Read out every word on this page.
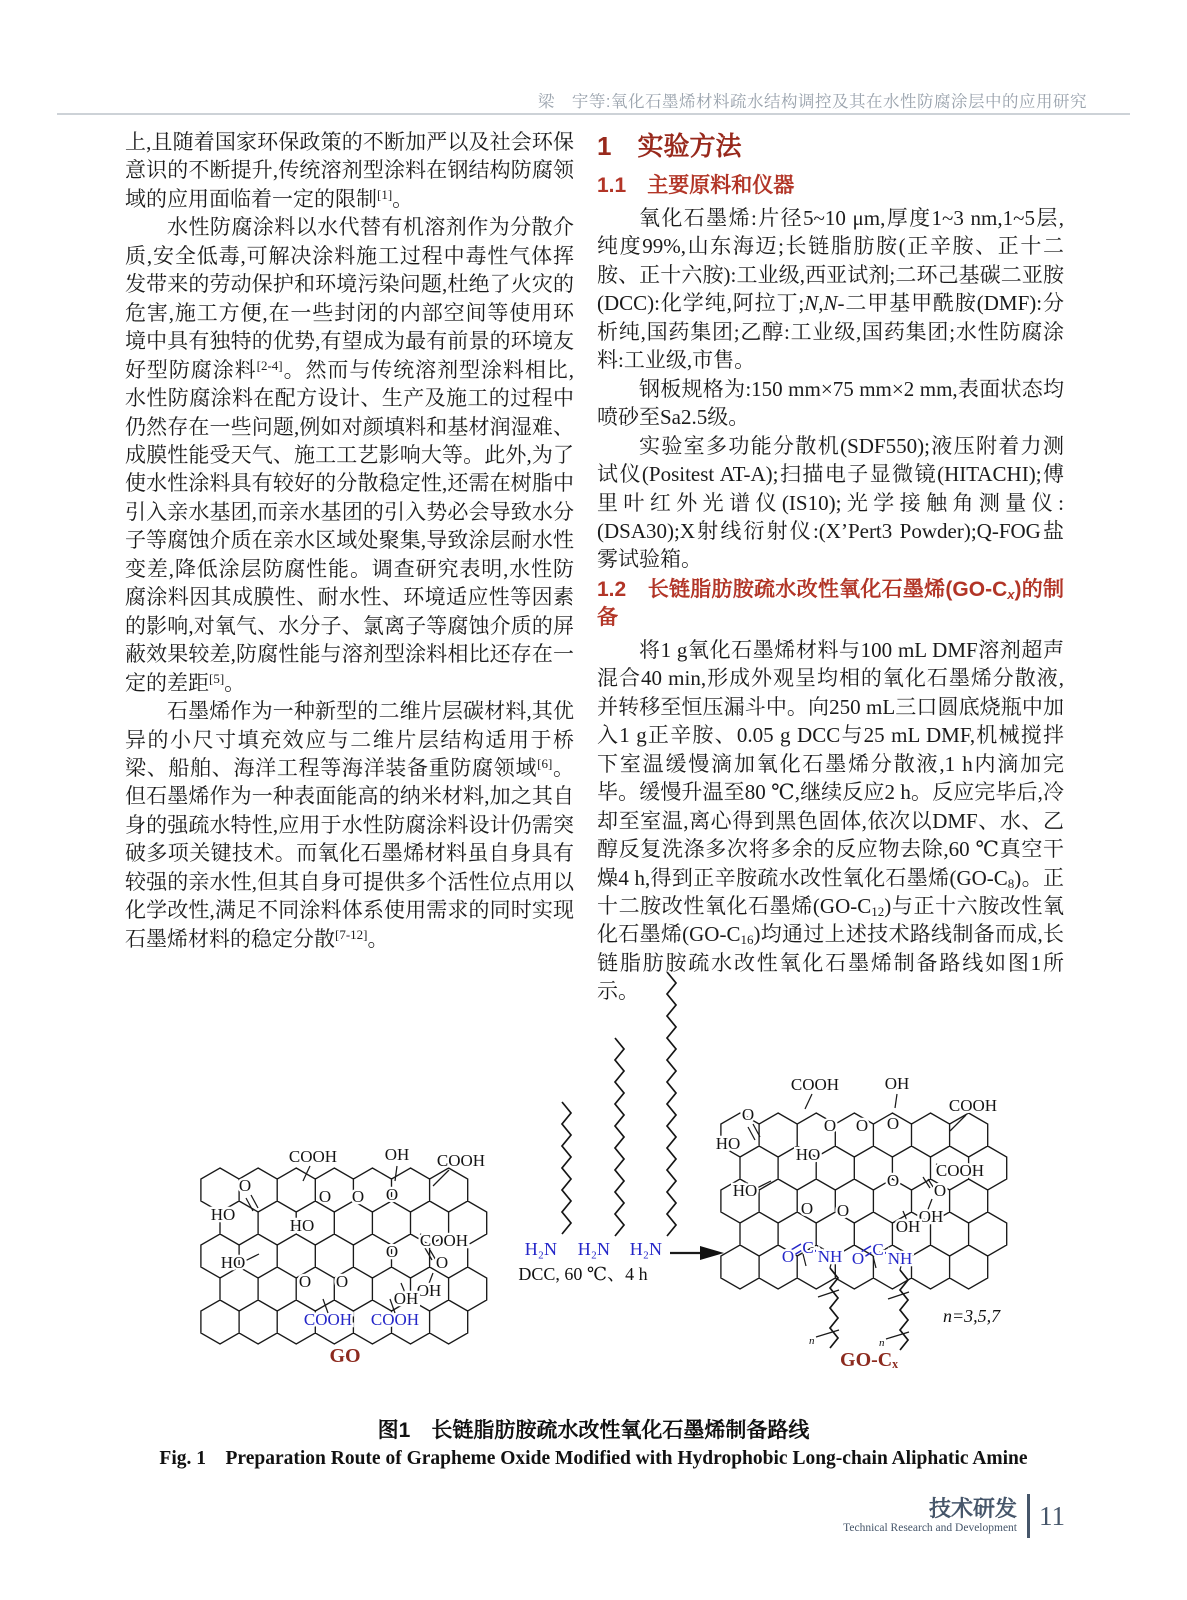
梁　宇等:氧化石墨烯材料疏水结构调控及其在水性防腐涂层中的应用研究

上,且随着国家环保政策的不断加严以及社会环保意识的不断提升,传统溶剂型涂料在钢结构防腐领域的应用面临着一定的限制[1]。

水性防腐涂料以水代替有机溶剂作为分散介质,安全低毒,可解决涂料施工过程中毒性气体挥发带来的劳动保护和环境污染问题,杜绝了火灾的危害,施工方便,在一些封闭的内部空间等使用环境中具有独特的优势,有望成为最有前景的环境友好型防腐涂料[2-4]。然而与传统溶剂型涂料相比,水性防腐涂料在配方设计、生产及施工的过程中仍然存在一些问题,例如对颜填料和基材润湿难、成膜性能受天气、施工工艺影响大等。此外,为了使水性涂料具有较好的分散稳定性,还需在树脂中引入亲水基团,而亲水基团的引入势必会导致水分子等腐蚀介质在亲水区域处聚集,导致涂层耐水性变差,降低涂层防腐性能。调查研究表明,水性防腐涂料因其成膜性、耐水性、环境适应性等因素的影响,对氧气、水分子、氯离子等腐蚀介质的屏蔽效果较差,防腐性能与溶剂型涂料相比还存在一定的差距[5]。

石墨烯作为一种新型的二维片层碳材料,其优异的小尺寸填充效应与二维片层结构适用于桥梁、船舶、海洋工程等海洋装备重防腐领域[6]。但石墨烯作为一种表面能高的纳米材料,加之其自身的强疏水特性,应用于水性防腐涂料设计仍需突破多项关键技术。而氧化石墨烯材料虽自身具有较强的亲水性,但其自身可提供多个活性位点用以化学改性,满足不同涂料体系使用需求的同时实现石墨烯材料的稳定分散[7-12]。

1　实验方法
1.1　主要原料和仪器

氧化石墨烯:片径5~10 μm,厚度1~3 nm,1~5层,纯度99%,山东海迈;长链脂肪胺(正辛胺、正十二胺、正十六胺):工业级,西亚试剂;二环己基碳二亚胺(DCC):化学纯,阿拉丁;N,N-二甲基甲酰胺(DMF):分析纯,国药集团;乙醇:工业级,国药集团;水性防腐涂料:工业级,市售。

钢板规格为:150 mm×75 mm×2 mm,表面状态均喷砂至Sa2.5级。

实验室多功能分散机(SDF550);液压附着力测试仪(Positest AT-A);扫描电子显微镜(HITACHI);傅里叶红外光谱仪(IS10);光学接触角测量仪:(DSA30);X射线衍射仪:(X’Pert3 Powder);Q-FOG盐雾试验箱。

1.2　长链脂肪胺疏水改性氧化石墨烯$(GO-C_x)$的制备

将1 g氧化石墨烯材料与100 mL DMF溶剂超声混合40 min,形成外观呈均相的氧化石墨烯分散液,并转移至恒压漏斗中。向250 mL三口圆底烧瓶中加入1 g正辛胺、0.05 g DCC与25 mL DMF,机械搅拌下室温缓慢滴加氧化石墨烯分散液,1 h内滴加完毕。缓慢升温至80 ℃,继续反应2 h。反应完毕后,冷却至室温,离心得到黑色固体,依次以DMF、水、乙醇反复洗涤多次将多余的反应物去除,60 ℃真空干燥4 h,得到正辛胺疏水改性氧化石墨烯$(GO-C_8)$。正十二胺改性氧化石墨烯$(GO-C_{12})$与正十六胺改性氧化石墨烯$(GO-C_{16})$均通过上述技术路线制备而成,长链脂肪胺疏水改性氧化石墨烯制备路线如图1所示。

n	n
COOH	OH COOH
O
HO
O O O
HO
HO
O
O O
COOH
O
OH
OH
COOH COOH
GO
H₂N H₂N H₂N
DCC, 60 ℃、4 h
COOH	OH
COOH
O
HO
O O O
HO
HO
O
O O
COOH
O
OH
OH
O C NH O C NH
n=3,5,7
GO-Cₓ
图1　长链脂肪胺疏水改性氧化石墨烯制备路线
Fig. 1　Preparation Route of Grapheme Oxide Modified with Hydrophobic Long-chain Aliphatic Amine
技术研发
Technical Research and Development 11
